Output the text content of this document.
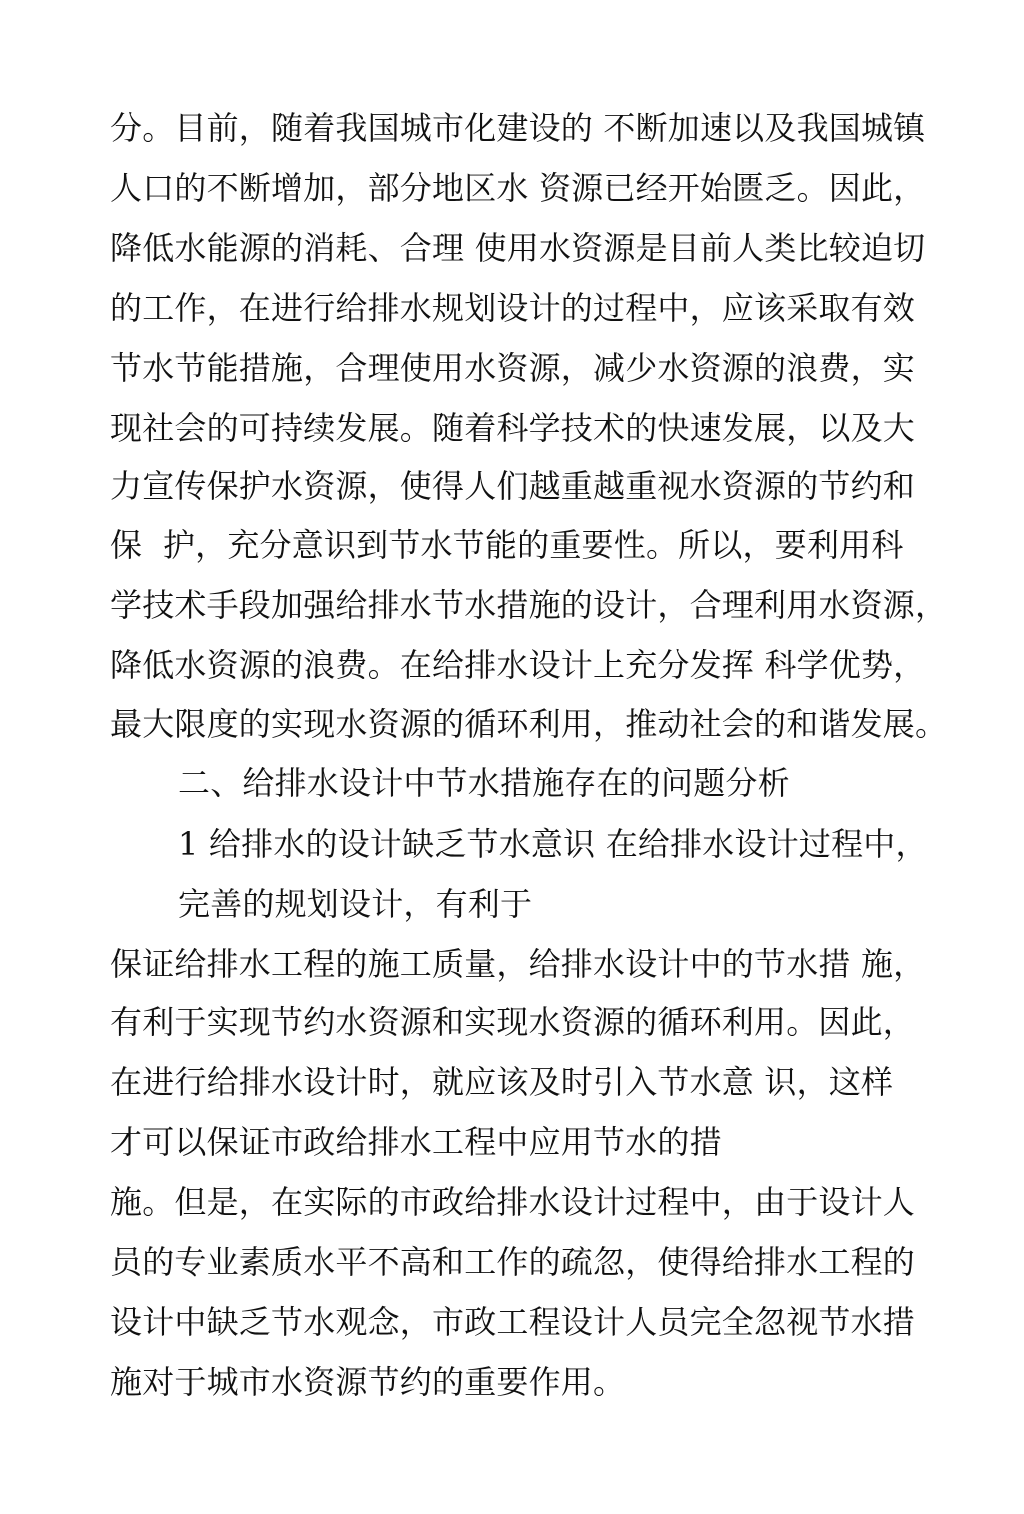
分。目前，随着我国城市化建设的 不断加速以及我国城镇
人口的不断增加，部分地区水 资源已经开始匮乏。因此，
降低水能源的消耗、合理 使用水资源是目前人类比较迫切
的工作，在进行给排水规划设计的过程中，应该采取有效
节水节能措施，合理使用水资源，减少水资源的浪费，实
现社会的可持续发展。随着科学技术的快速发展，以及大
力宣传保护水资源，使得人们越重越重视水资源的节约和
保  护，充分意识到节水节能的重要性。所以，要利用科
学技术手段加强给排水节水措施的设计，合理利用水资源，
降低水资源的浪费。在给排水设计上充分发挥 科学优势，
最大限度的实现水资源的循环利用，推动社会的和谐发展。
二、给排水设计中节水措施存在的问题分析
1 给排水的设计缺乏节水意识 在给排水设计过程中，
完善的规划设计，有利于
保证给排水工程的施工质量，给排水设计中的节水措 施，
有利于实现节约水资源和实现水资源的循环利用。因此，
在进行给排水设计时，就应该及时引入节水意 识，这样
才可以保证市政给排水工程中应用节水的措
施。但是，在实际的市政给排水设计过程中，由于设计人
员的专业素质水平不高和工作的疏忽，使得给排水工程的
设计中缺乏节水观念，市政工程设计人员完全忽视节水措
施对于城市水资源节约的重要作用。
